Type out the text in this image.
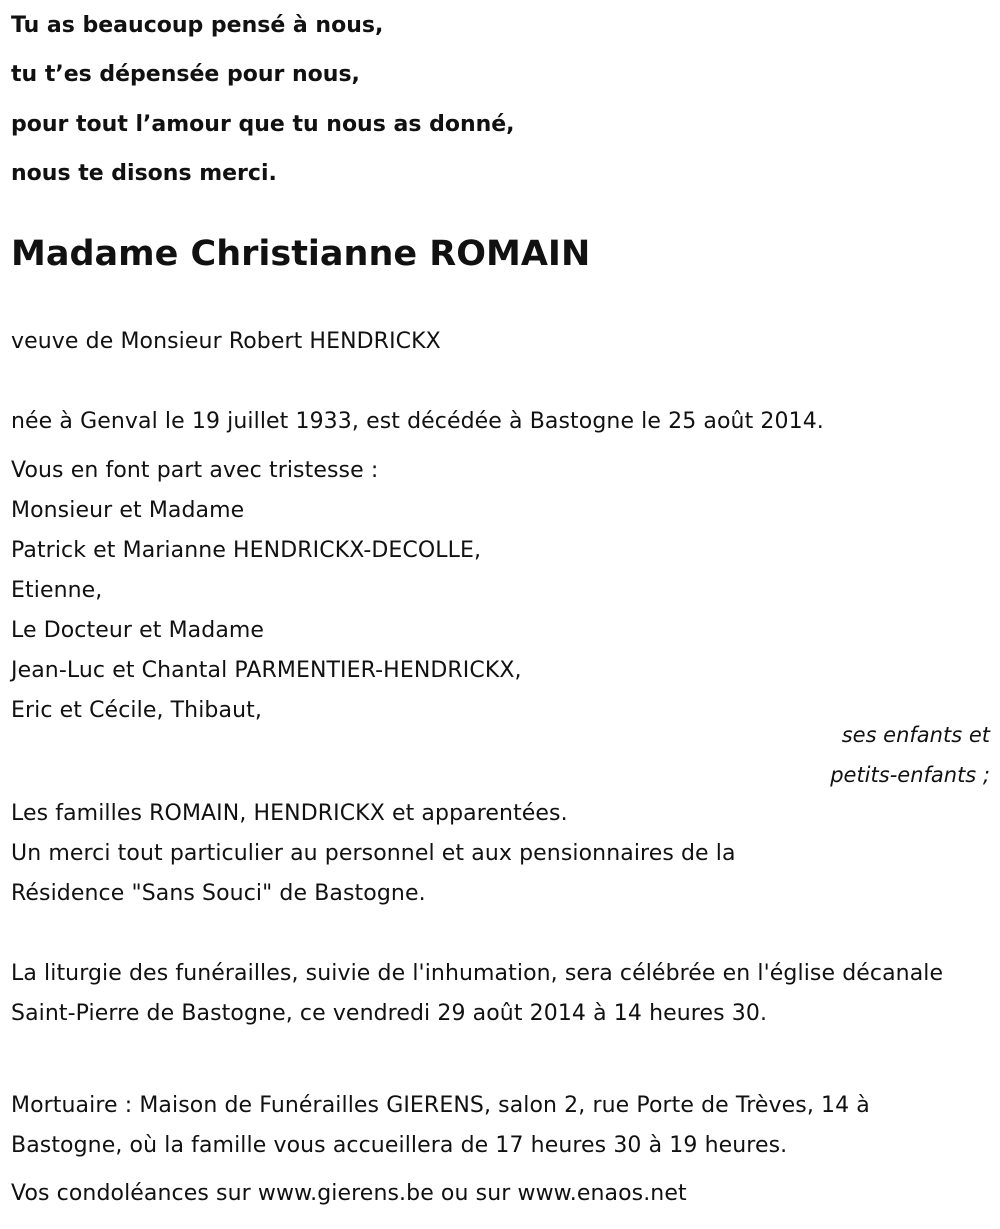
Tu as beaucoup pensé à nous,
tu t’es dépensée pour nous,
pour tout l’amour que tu nous as donné,
nous te disons merci.
Madame Christianne ROMAIN
veuve de Monsieur Robert HENDRICKX
née à Genval le 19 juillet 1933, est décédée à Bastogne le 25 août 2014.
Vous en font part avec tristesse :
Monsieur et Madame
Patrick et Marianne HENDRICKX-DECOLLE,
Etienne,
Le Docteur et Madame
Jean-Luc et Chantal PARMENTIER-HENDRICKX,
Eric et Cécile, Thibaut,
ses enfants et
petits-enfants ;
Les familles ROMAIN, HENDRICKX et apparentées.
Un merci tout particulier au personnel et aux pensionnaires de la
Résidence "Sans Souci" de Bastogne.
La liturgie des funérailles, suivie de l'inhumation, sera célébrée en l'église décanale Saint-Pierre de Bastogne, ce vendredi 29 août 2014 à 14 heures 30.
Mortuaire : Maison de Funérailles GIERENS, salon 2, rue Porte de Trèves, 14 à Bastogne, où la famille vous accueillera de 17 heures 30 à 19 heures.
Vos condoléances sur www.gierens.be ou sur www.enaos.net
